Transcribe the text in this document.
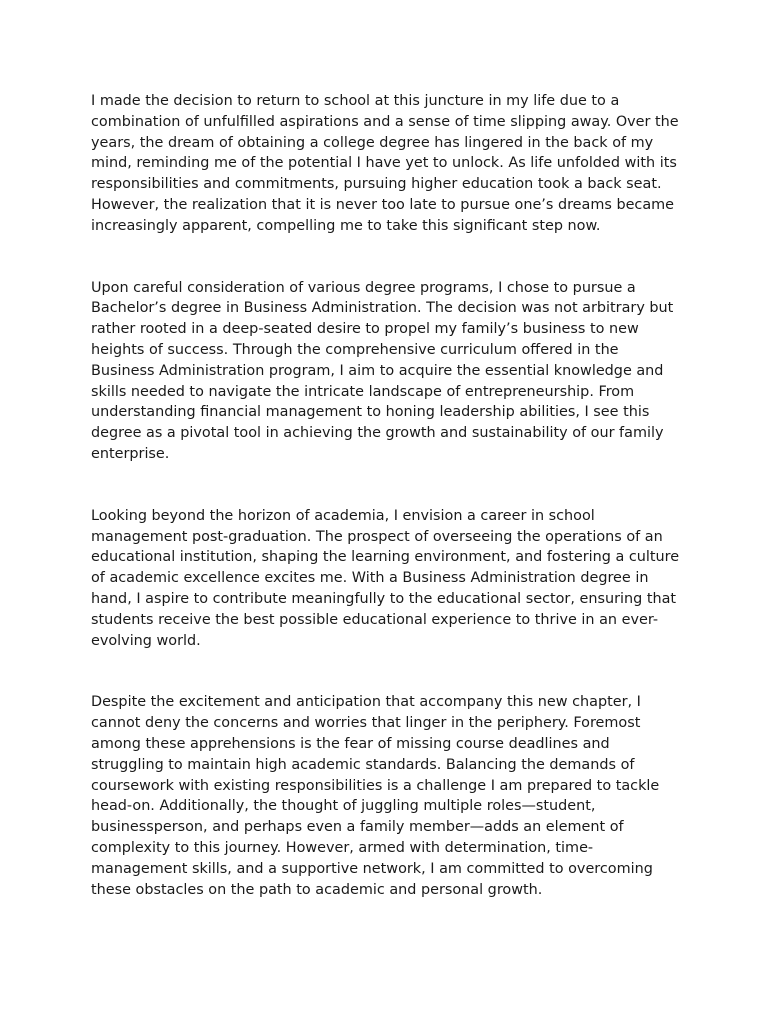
I made the decision to return to school at this juncture in my life due to a combination of unfulfilled aspirations and a sense of time slipping away. Over the years, the dream of obtaining a college degree has lingered in the back of my mind, reminding me of the potential I have yet to unlock. As life unfolded with its responsibilities and commitments, pursuing higher education took a back seat. However, the realization that it is never too late to pursue one’s dreams became increasingly apparent, compelling me to take this significant step now.

Upon careful consideration of various degree programs, I chose to pursue a Bachelor’s degree in Business Administration. The decision was not arbitrary but rather rooted in a deep-seated desire to propel my family’s business to new heights of success. Through the comprehensive curriculum offered in the Business Administration program, I aim to acquire the essential knowledge and skills needed to navigate the intricate landscape of entrepreneurship. From understanding financial management to honing leadership abilities, I see this degree as a pivotal tool in achieving the growth and sustainability of our family enterprise.

Looking beyond the horizon of academia, I envision a career in school management post-graduation. The prospect of overseeing the operations of an educational institution, shaping the learning environment, and fostering a culture of academic excellence excites me. With a Business Administration degree in hand, I aspire to contribute meaningfully to the educational sector, ensuring that students receive the best possible educational experience to thrive in an ever-evolving world.

Despite the excitement and anticipation that accompany this new chapter, I cannot deny the concerns and worries that linger in the periphery. Foremost among these apprehensions is the fear of missing course deadlines and struggling to maintain high academic standards. Balancing the demands of coursework with existing responsibilities is a challenge I am prepared to tackle head-on. Additionally, the thought of juggling multiple roles—student, businessperson, and perhaps even a family member—adds an element of complexity to this journey. However, armed with determination, time-management skills, and a supportive network, I am committed to overcoming these obstacles on the path to academic and personal growth.
